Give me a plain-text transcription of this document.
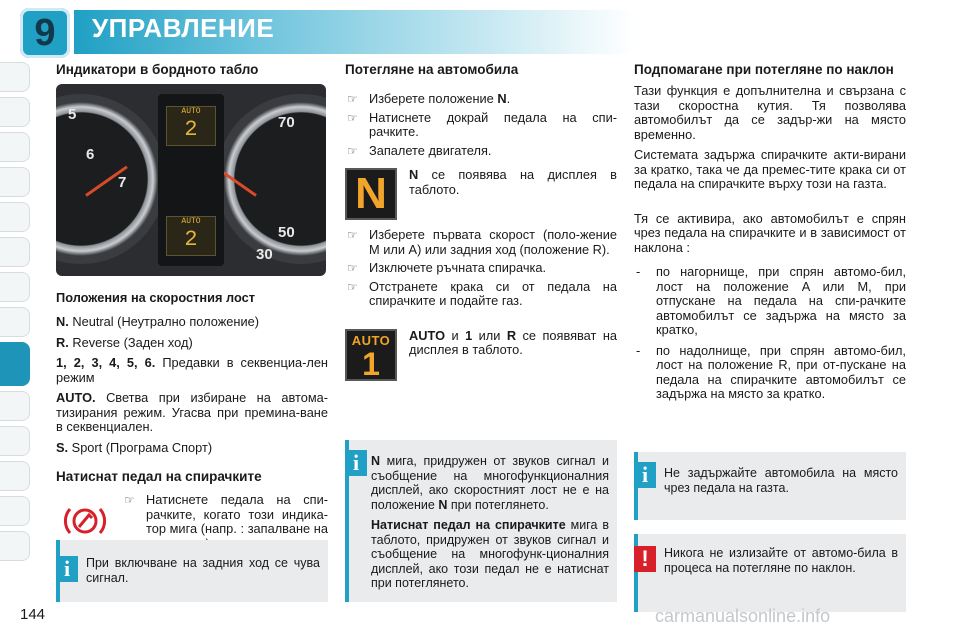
9	УПРАВЛЕНИЕ
Индикатори в бордното табло
5
6
7
70
50
30
AUTO
2
AUTO
2
Положения на скоростния лост

N. Neutral (Неутрално положение)

R. Reverse (Заден ход)

1, 2, 3, 4, 5, 6. Предавки в секвенциа-лен режим

AUTO. Светва при избиране на автома-тизирания режим. Угасва при премина-ване в секвенциален.

S. Sport (Програма Спорт)

Натиснат педал на спирачките
☞ Натиснете педала на спи-рачките, когато този индика-тор мига (напр. : запалване на

При включване на задния ход се чува сигнал.

i
Потегляне на автомобила
☞ Изберете положение N.
☞ Натиснете докрай педала на спи-рачките.
☞ Запалете двигателя.
N	N се появява на дисплея в таблото.

☞ Изберете първата скорост (поло-жение M или A) или задния ход (положение R).
☞ Изключете ръчната спирачка.
☞ Отстранете крака си от педала на спирачките и подайте газ.
AUTO
1

AUTO и 1 или R се появяват на дисплея в таблото.

N мига, придружен от звуков сигнал и съобщение на многофункционалния дисплей, ако скоростният лост не е на положение N при потеглянето.

Натиснат педал на спирачките мига в таблото, придружен от звуков сигнал и съобщение на многофунк-ционалния дисплей, ако този педал не е натиснат при потеглянето.

i
Подпомагане при потегляне по наклон

Тази функция е допълнителна и свързана с тази скоростна кутия. Тя позволява автомобилът да се задър-жи на място временно.

Системата задържа спирачките акти-вирани за кратко, така че да премес-тите крака си от педала на спирачките върху този на газта.

Тя се активира, ако автомобилът е спрян чрез педала на спирачките и в зависимост от наклона :

- по нагорнище, при спрян автомо-бил, лост на положение A или M, при отпускане на педала на спи-рачките автомобилът се задържа на място за кратко,
- по надолнище, при спрян автомо-бил, лост на положение R, при от-пускане на педала на спирачките автомобилът се задържа на място за кратко.

Не задържайте автомобила на място чрез педала на газта.

i

Никога не излизайте от автомо-била в процеса на потегляне по наклон.

!
144	carmanualsonline.info
